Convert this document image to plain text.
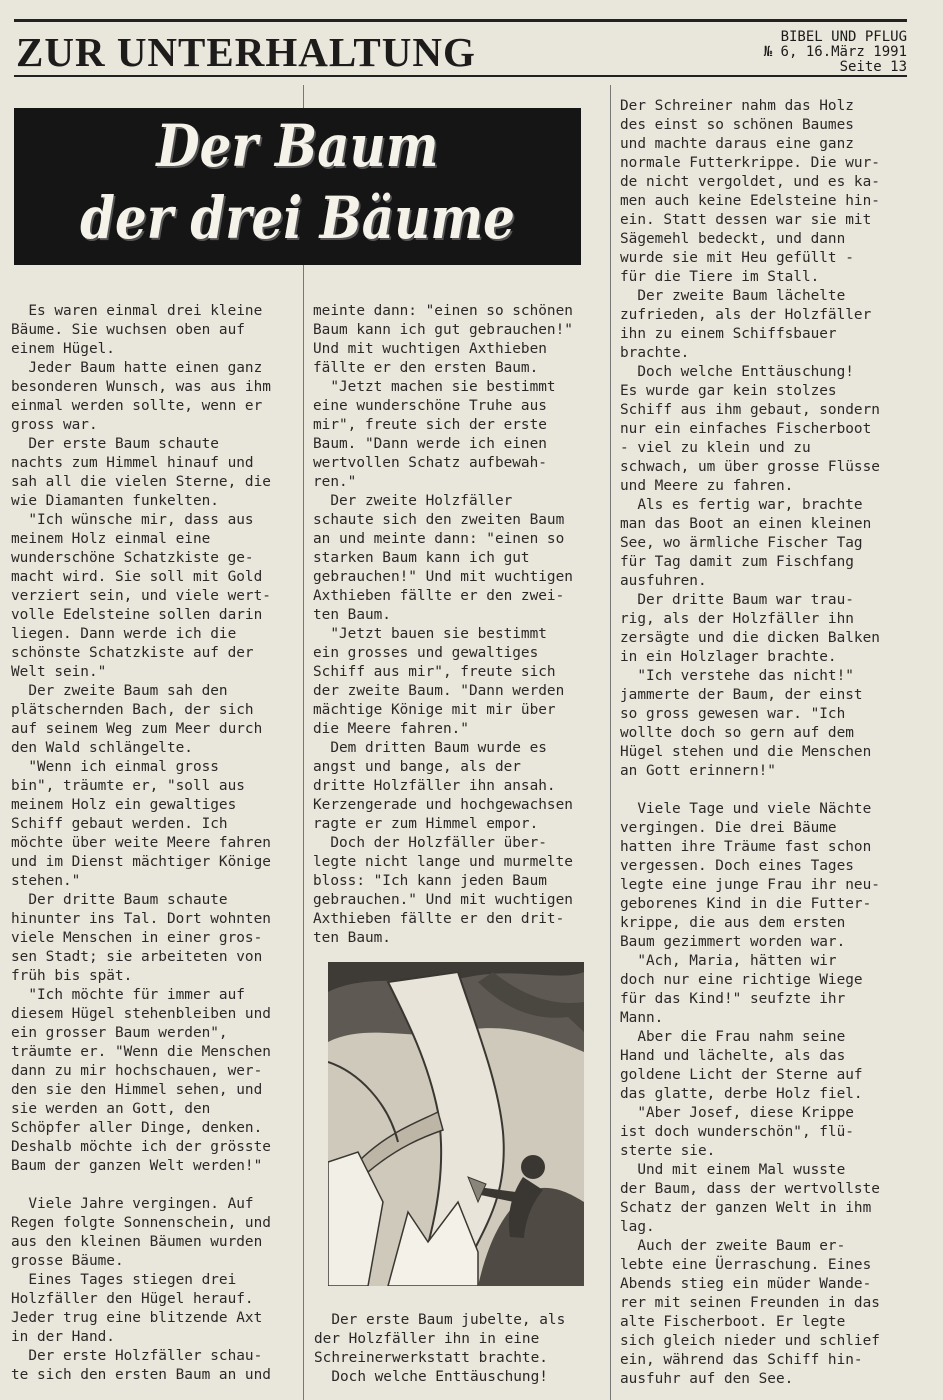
ZUR UNTERHALTUNG	BIBEL UND PFLUG
№ 6, 16.März 1991
Seite 13
Der Baum
der drei Bäume
Es waren einmal drei kleine
Bäume. Sie wuchsen oben auf
einem Hügel.
Jeder Baum hatte einen ganz
besonderen Wunsch, was aus ihm
einmal werden sollte, wenn er
gross war.
Der erste Baum schaute
nachts zum Himmel hinauf und
sah all die vielen Sterne, die
wie Diamanten funkelten.
"Ich wünsche mir, dass aus
meinem Holz einmal eine
wunderschöne Schatzkiste ge-
macht wird. Sie soll mit Gold
verziert sein, und viele wert-
volle Edelsteine sollen darin
liegen. Dann werde ich die
schönste Schatzkiste auf der
Welt sein."
Der zweite Baum sah den
plätschernden Bach, der sich
auf seinem Weg zum Meer durch
den Wald schlängelte.
"Wenn ich einmal gross
bin", träumte er, "soll aus
meinem Holz ein gewaltiges
Schiff gebaut werden. Ich
möchte über weite Meere fahren
und im Dienst mächtiger Könige
stehen."
Der dritte Baum schaute
hinunter ins Tal. Dort wohnten
viele Menschen in einer gros-
sen Stadt; sie arbeiteten von
früh bis spät.
"Ich möchte für immer auf
diesem Hügel stehenbleiben und
ein grosser Baum werden",
träumte er. "Wenn die Menschen
dann zu mir hochschauen, wer-
den sie den Himmel sehen, und
sie werden an Gott, den
Schöpfer aller Dinge, denken.
Deshalb möchte ich der grösste
Baum der ganzen Welt werden!"
Viele Jahre vergingen. Auf
Regen folgte Sonnenschein, und
aus den kleinen Bäumen wurden
grosse Bäume.
Eines Tages stiegen drei
Holzfäller den Hügel herauf.
Jeder trug eine blitzende Axt
in der Hand.
Der erste Holzfäller schau-
te sich den ersten Baum an und
meinte dann: "einen so schönen
Baum kann ich gut gebrauchen!"
Und mit wuchtigen Axthieben
fällte er den ersten Baum.
"Jetzt machen sie bestimmt
eine wunderschöne Truhe aus
mir", freute sich der erste
Baum. "Dann werde ich einen
wertvollen Schatz aufbewah-
ren."
Der zweite Holzfäller
schaute sich den zweiten Baum
an und meinte dann: "einen so
starken Baum kann ich gut
gebrauchen!" Und mit wuchtigen
Axthieben fällte er den zwei-
ten Baum.
"Jetzt bauen sie bestimmt
ein grosses und gewaltiges
Schiff aus mir", freute sich
der zweite Baum. "Dann werden
mächtige Könige mit mir über
die Meere fahren."
Dem dritten Baum wurde es
angst und bange, als der
dritte Holzfäller ihn ansah.
Kerzengerade und hochgewachsen
ragte er zum Himmel empor.
Doch der Holzfäller über-
legte nicht lange und murmelte
bloss: "Ich kann jeden Baum
gebrauchen." Und mit wuchtigen
Axthieben fällte er den drit-
ten Baum.
Der Schreiner nahm das Holz
des einst so schönen Baumes
und machte daraus eine ganz
normale Futterkrippe. Die wur-
de nicht vergoldet, und es ka-
men auch keine Edelsteine hin-
ein. Statt dessen war sie mit
Sägemehl bedeckt, und dann
wurde sie mit Heu gefüllt -
für die Tiere im Stall.
Der zweite Baum lächelte
zufrieden, als der Holzfäller
ihn zu einem Schiffsbauer
brachte.
Doch welche Enttäuschung!
Es wurde gar kein stolzes
Schiff aus ihm gebaut, sondern
nur ein einfaches Fischerboot
- viel zu klein und zu
schwach, um über grosse Flüsse
und Meere zu fahren.
Als es fertig war, brachte
man das Boot an einen kleinen
See, wo ärmliche Fischer Tag
für Tag damit zum Fischfang
ausfuhren.
Der dritte Baum war trau-
rig, als der Holzfäller ihn
zersägte und die dicken Balken
in ein Holzlager brachte.
"Ich verstehe das nicht!"
jammerte der Baum, der einst
so gross gewesen war. "Ich
wollte doch so gern auf dem
Hügel stehen und die Menschen
an Gott erinnern!"
Viele Tage und viele Nächte
vergingen. Die drei Bäume
hatten ihre Träume fast schon
vergessen. Doch eines Tages
legte eine junge Frau ihr neu-
geborenes Kind in die Futter-
krippe, die aus dem ersten
Baum gezimmert worden war.
"Ach, Maria, hätten wir
doch nur eine richtige Wiege
für das Kind!" seufzte ihr
Mann.
Aber die Frau nahm seine
Hand und lächelte, als das
goldene Licht der Sterne auf
das glatte, derbe Holz fiel.
"Aber Josef, diese Krippe
ist doch wunderschön", flü-
sterte sie.
Und mit einem Mal wusste
der Baum, dass der wertvollste
Schatz der ganzen Welt in ihm
lag.
Auch der zweite Baum er-
lebte eine Üerraschung. Eines
Abends stieg ein müder Wande-
rer mit seinen Freunden in das
alte Fischerboot. Er legte
sich gleich nieder und schlief
ein, während das Schiff hin-
ausfuhr auf den See.
Der erste Baum jubelte, als
der Holzfäller ihn in eine
Schreinerwerkstatt brachte.
Doch welche Enttäuschung!
